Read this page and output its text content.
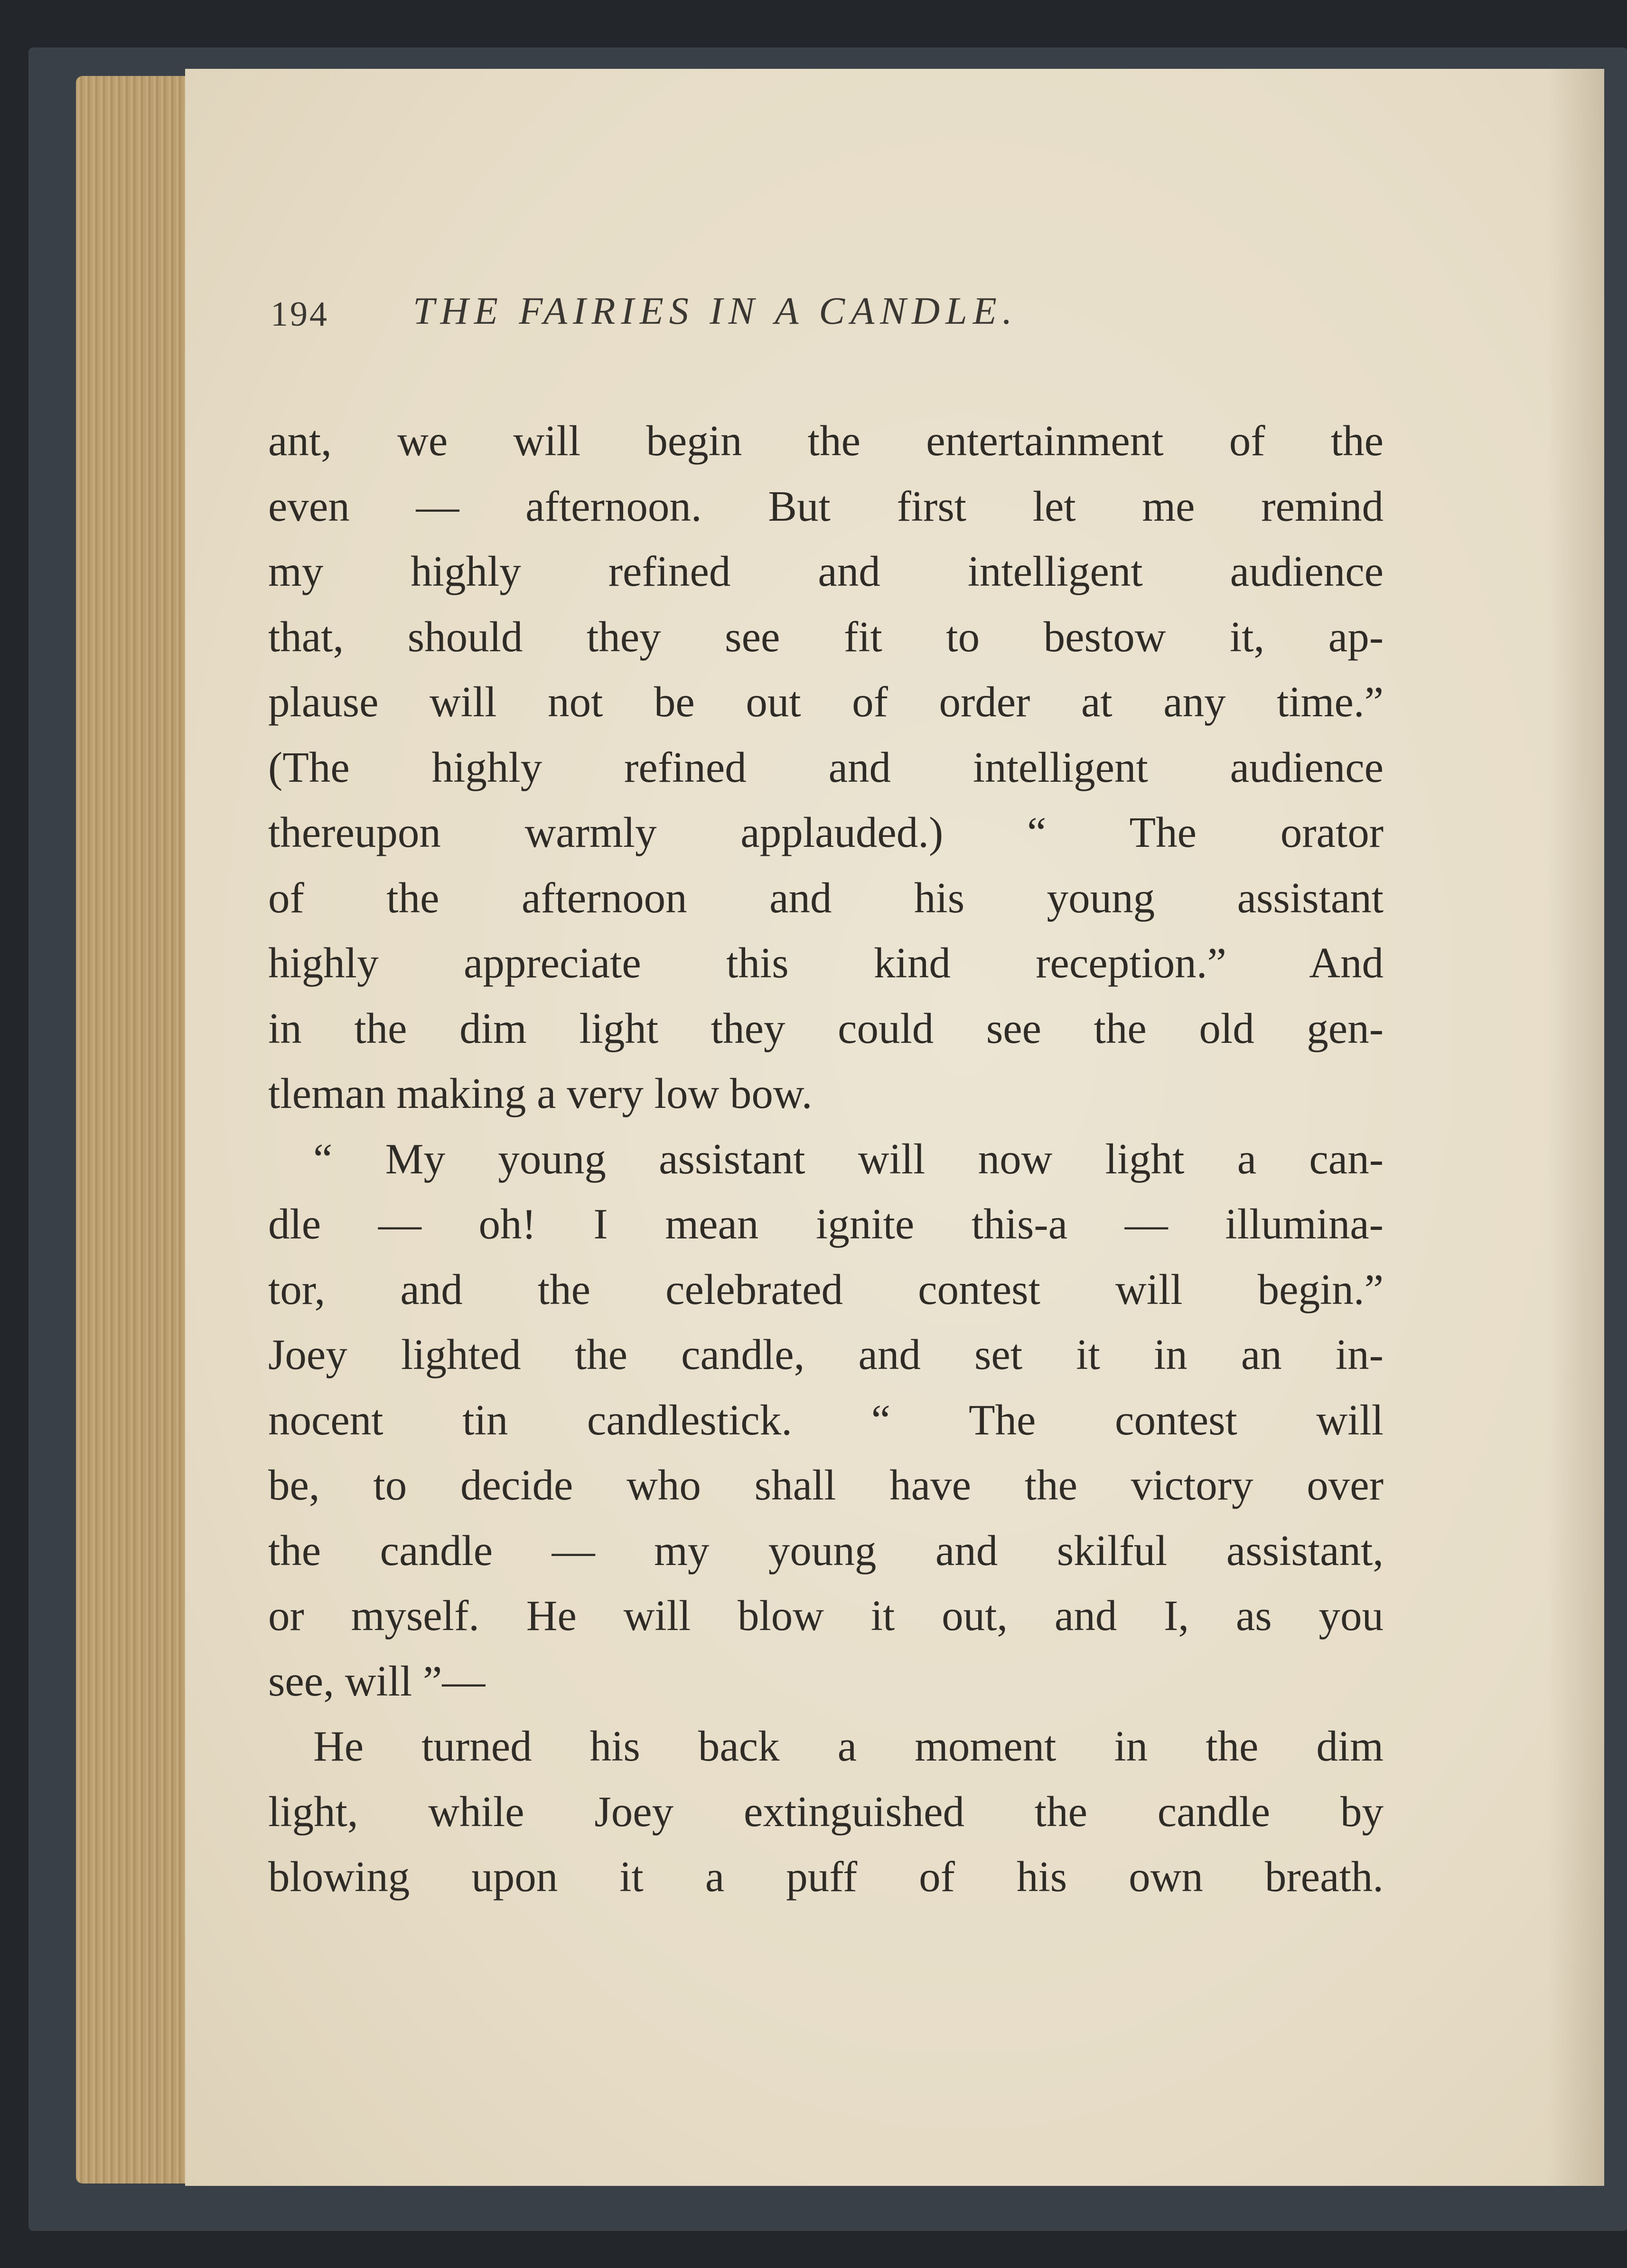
194 THE FAIRIES IN A CANDLE.
ant, we will begin the entertainment of the
even — afternoon. But first let me remind
my highly refined and intelligent audience
that, should they see fit to bestow it, ap-
plause will not be out of order at any time.”
(The highly refined and intelligent audience
thereupon warmly applauded.) “ The orator
of the afternoon and his young assistant
highly appreciate this kind reception.” And
in the dim light they could see the old gen-
tleman making a very low bow.
“ My young assistant will now light a can-
dle — oh! I mean ignite this-a — illumina-
tor, and the celebrated contest will begin.”
Joey lighted the candle, and set it in an in-
nocent tin candlestick. “ The contest will
be, to decide who shall have the victory over
the candle — my young and skilful assistant,
or myself. He will blow it out, and I, as you
see, will ”—
He turned his back a moment in the dim
light, while Joey extinguished the candle by
blowing upon it a puff of his own breath.
